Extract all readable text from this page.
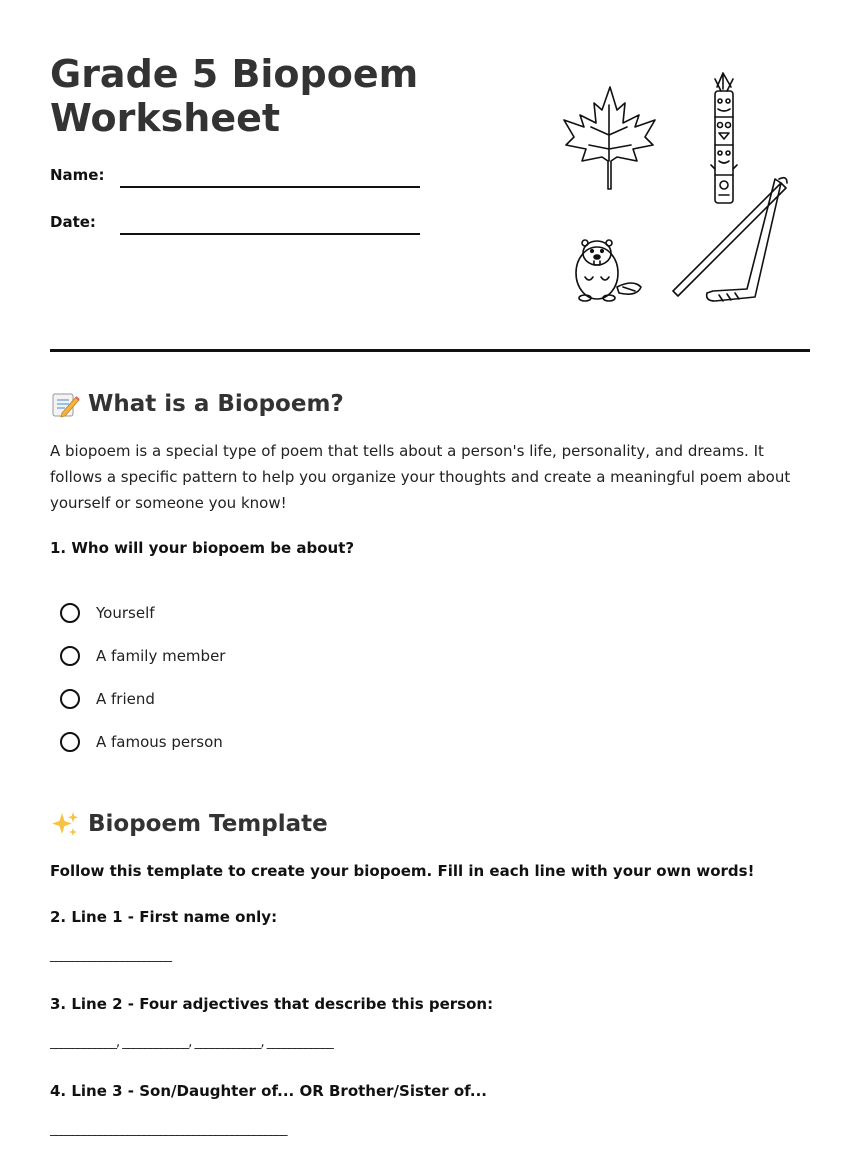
Grade 5 Biopoem Worksheet
Name:
Date:
What is a Biopoem?

A biopoem is a special type of poem that tells about a person's life, personality, and dreams. It follows a specific pattern to help you organize your thoughts and create a meaningful poem about yourself or someone you know!

1. Who will your biopoem be about?

Yourself
A family member
A friend
A famous person
Biopoem Template

Follow this template to create your biopoem. Fill in each line with your own words!

2. Line 1 - First name only:

______________________

3. Line 2 - Four adjectives that describe this person:

____________, ____________, ____________, ____________

4. Line 3 - Son/Daughter of... OR Brother/Sister of...

___________________________________________
